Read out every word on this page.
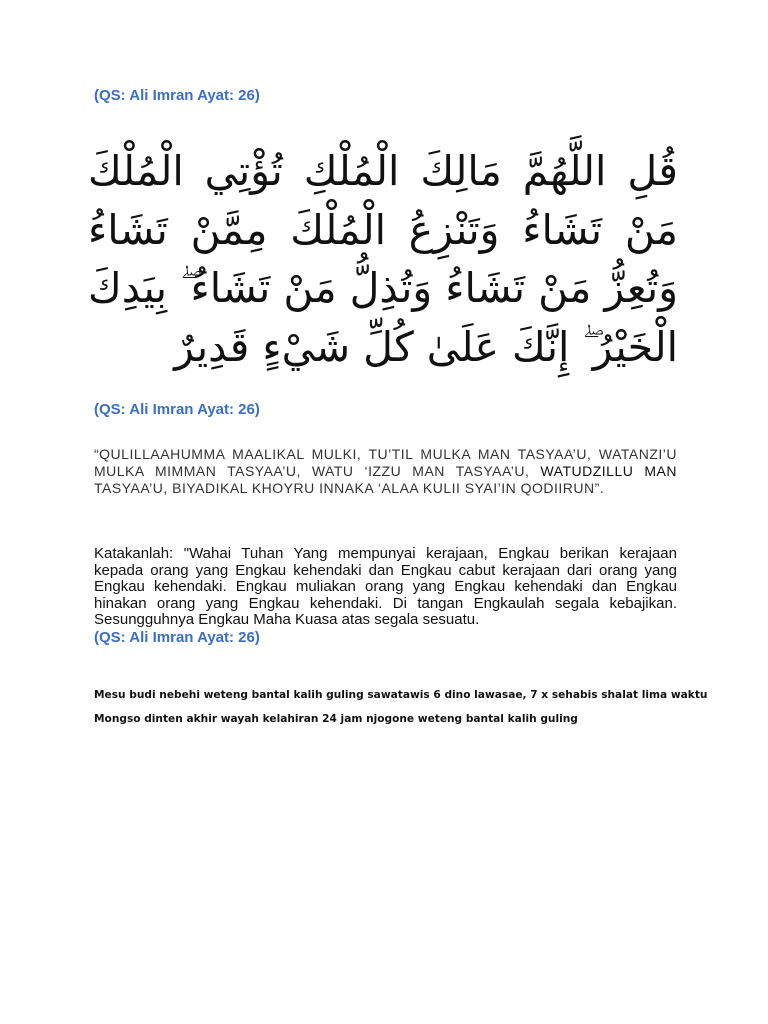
(QS: Ali Imran Ayat: 26)
قُلِ اللَّهُمَّ مَالِكَ الْمُلْكِ تُؤْتِي الْمُلْكَ مَنْ تَشَاءُ وَتَنْزِعُ الْمُلْكَ مِمَّنْ تَشَاءُ وَتُعِزُّ مَنْ تَشَاءُ وَتُذِلُّ مَنْ تَشَاءُ ۖ بِيَدِكَ الْخَيْرُ ۖ إِنَّكَ عَلَىٰ كُلِّ شَيْءٍ قَدِيرٌ
(QS: Ali Imran Ayat: 26)

“QULILLAAHUMMA MAALIKAL MULKI, TU’TIL MULKA MAN TASYAA’U, WATANZI’U MULKA MIMMAN TASYAA’U, WATU ‘IZZU MAN TASYAA’U, WATUDZILLU MAN TASYAA’U, BIYADIKAL KHOYRU INNAKA ‘ALAA KULII SYAI’IN QODIIRUN”.

Katakanlah: "Wahai Tuhan Yang mempunyai kerajaan, Engkau berikan kerajaan kepada orang yang Engkau kehendaki dan Engkau cabut kerajaan dari orang yang Engkau kehendaki. Engkau muliakan orang yang Engkau kehendaki dan Engkau hinakan orang yang Engkau kehendaki. Di tangan Engkaulah segala kebajikan. Sesungguhnya Engkau Maha Kuasa atas segala sesuatu.
(QS: Ali Imran Ayat: 26)

Mesu budi nebehi weteng bantal kalih guling sawatawis 6 dino lawasae, 7 x sehabis shalat lima waktu

Mongso dinten akhir wayah kelahiran 24 jam njogone weteng bantal kalih guling
